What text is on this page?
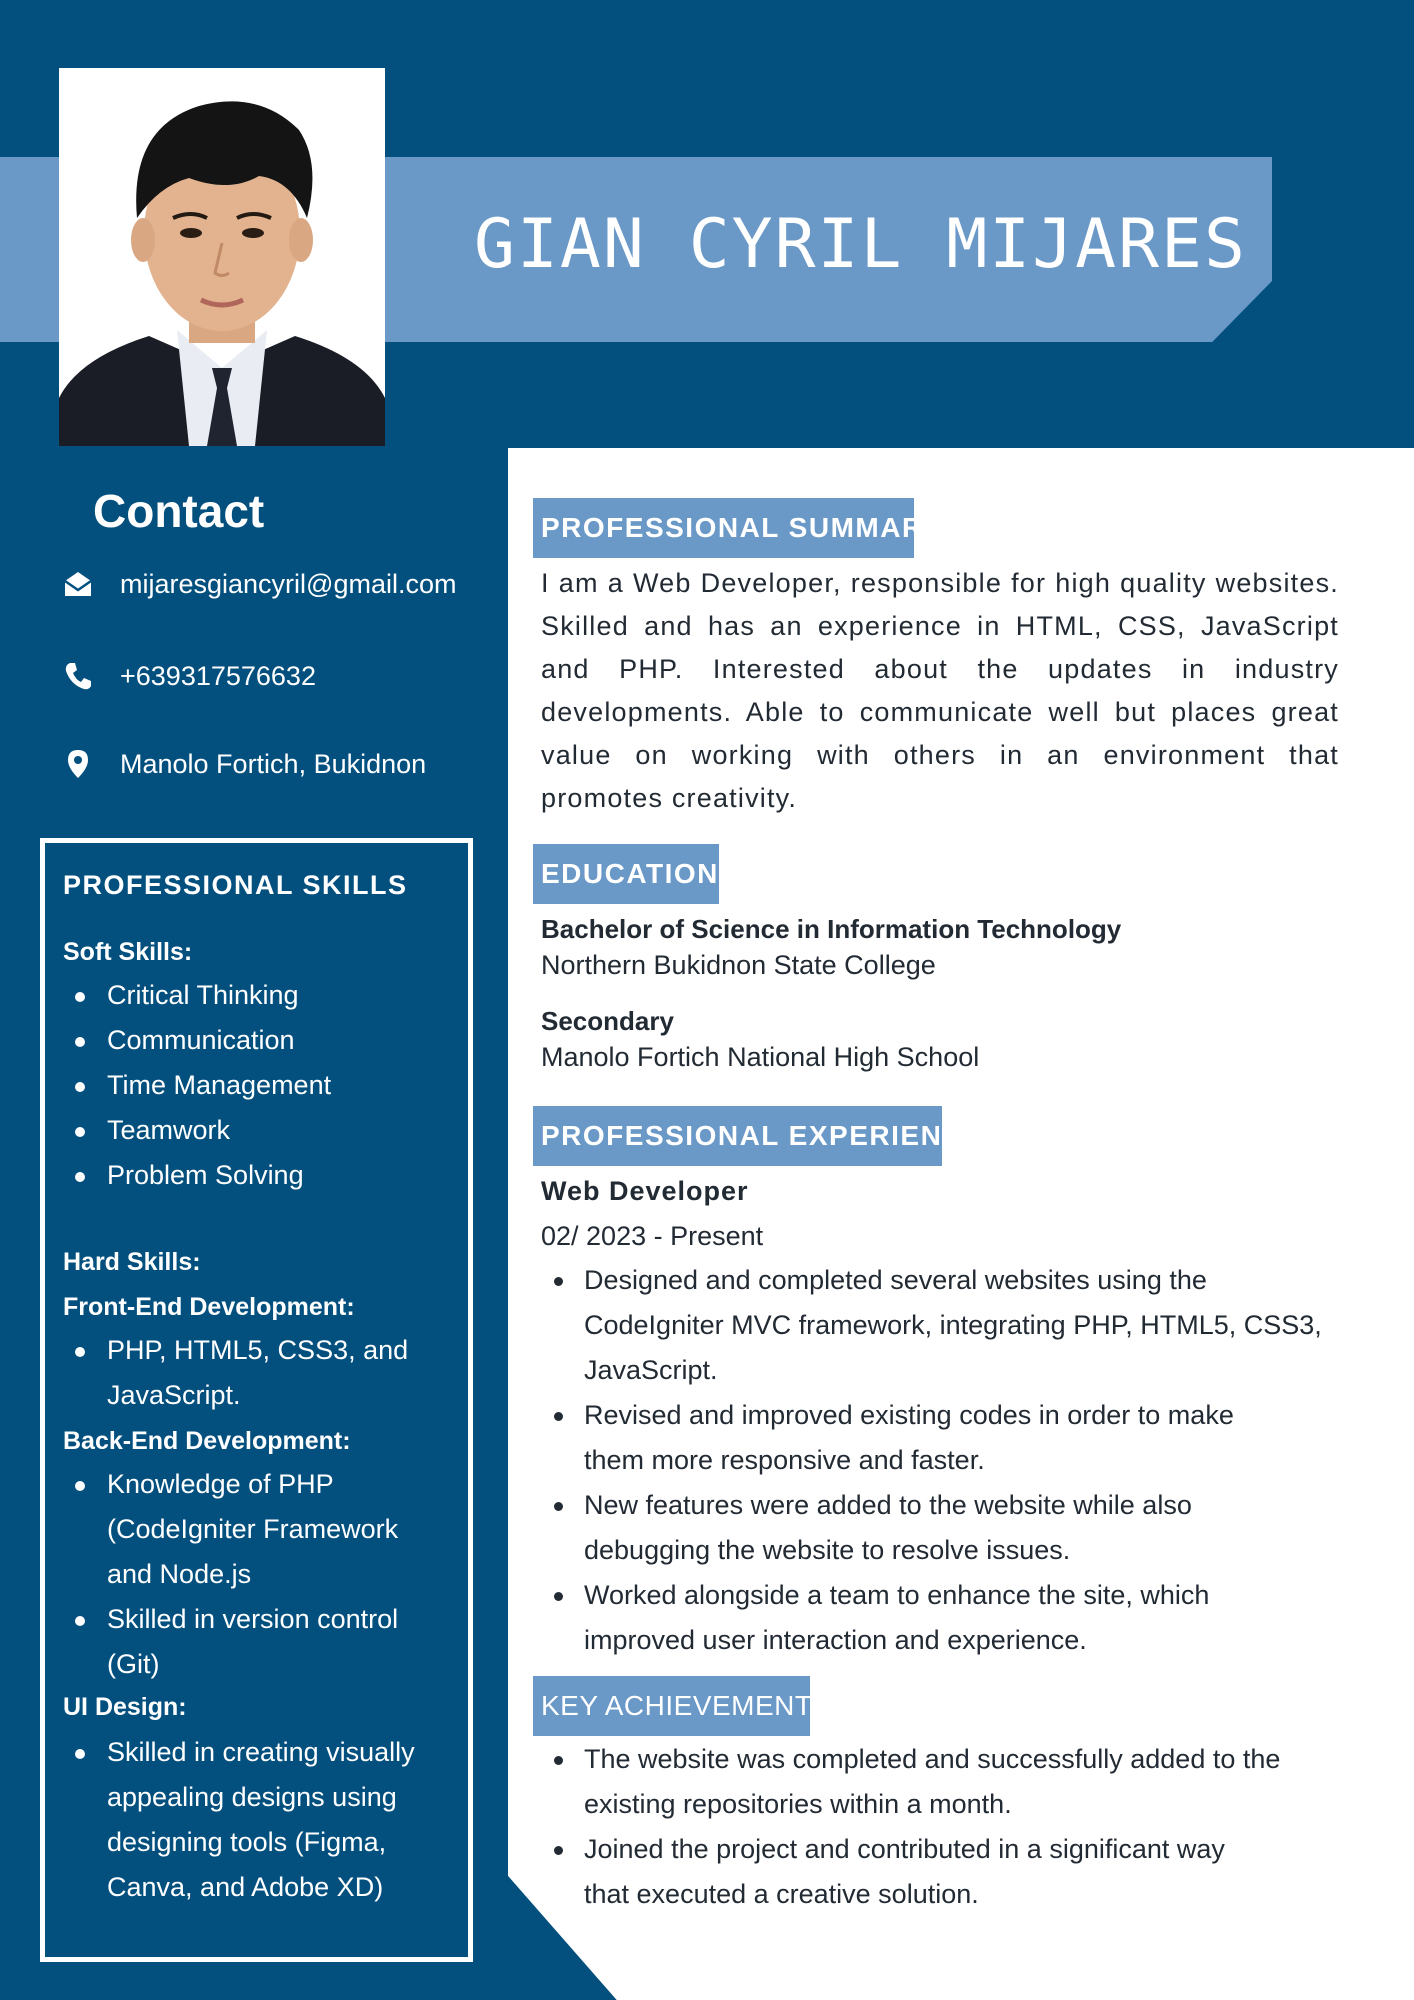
GIAN CYRIL MIJARES
Contact
mijaresgiancyril@gmail.com
+639317576632
Manolo Fortich, Bukidnon
PROFESSIONAL SKILLS
Soft Skills:
Critical Thinking
Communication
Time Management
Teamwork
Problem Solving
Hard Skills:
Front-End Development:
PHP, HTML5, CSS3, and
JavaScript.
Back-End Development:
Knowledge of PHP
(CodeIgniter Framework
and Node.js
Skilled in version control
(Git)
UI Design:
Skilled in creating visually
appealing designs using
designing tools (Figma,
Canva, and Adobe XD)
PROFESSIONAL SUMMARY
I am a Web Developer, responsible for high quality websites. Skilled and has an experience in HTML, CSS, JavaScript and PHP. Interested about the updates in industry developments. Able to communicate well but places great value on working with others in an environment that promotes creativity.
EDUCATION
Bachelor of Science in Information Technology
Northern Bukidnon State College
Secondary
Manolo Fortich National High School
PROFESSIONAL EXPERIENCE
Web Developer
02/ 2023 - Present
Designed and completed several websites using the
CodeIgniter MVC framework, integrating PHP, HTML5, CSS3,
JavaScript.
Revised and improved existing codes in order to make
them more responsive and faster.
New features were added to the website while also
debugging the website to resolve issues.
Worked alongside a team to enhance the site, which
improved user interaction and experience.
KEY ACHIEVEMENTS
The website was completed and successfully added to the
existing repositories within a month.
Joined the project and contributed in a significant way
that executed a creative solution.
